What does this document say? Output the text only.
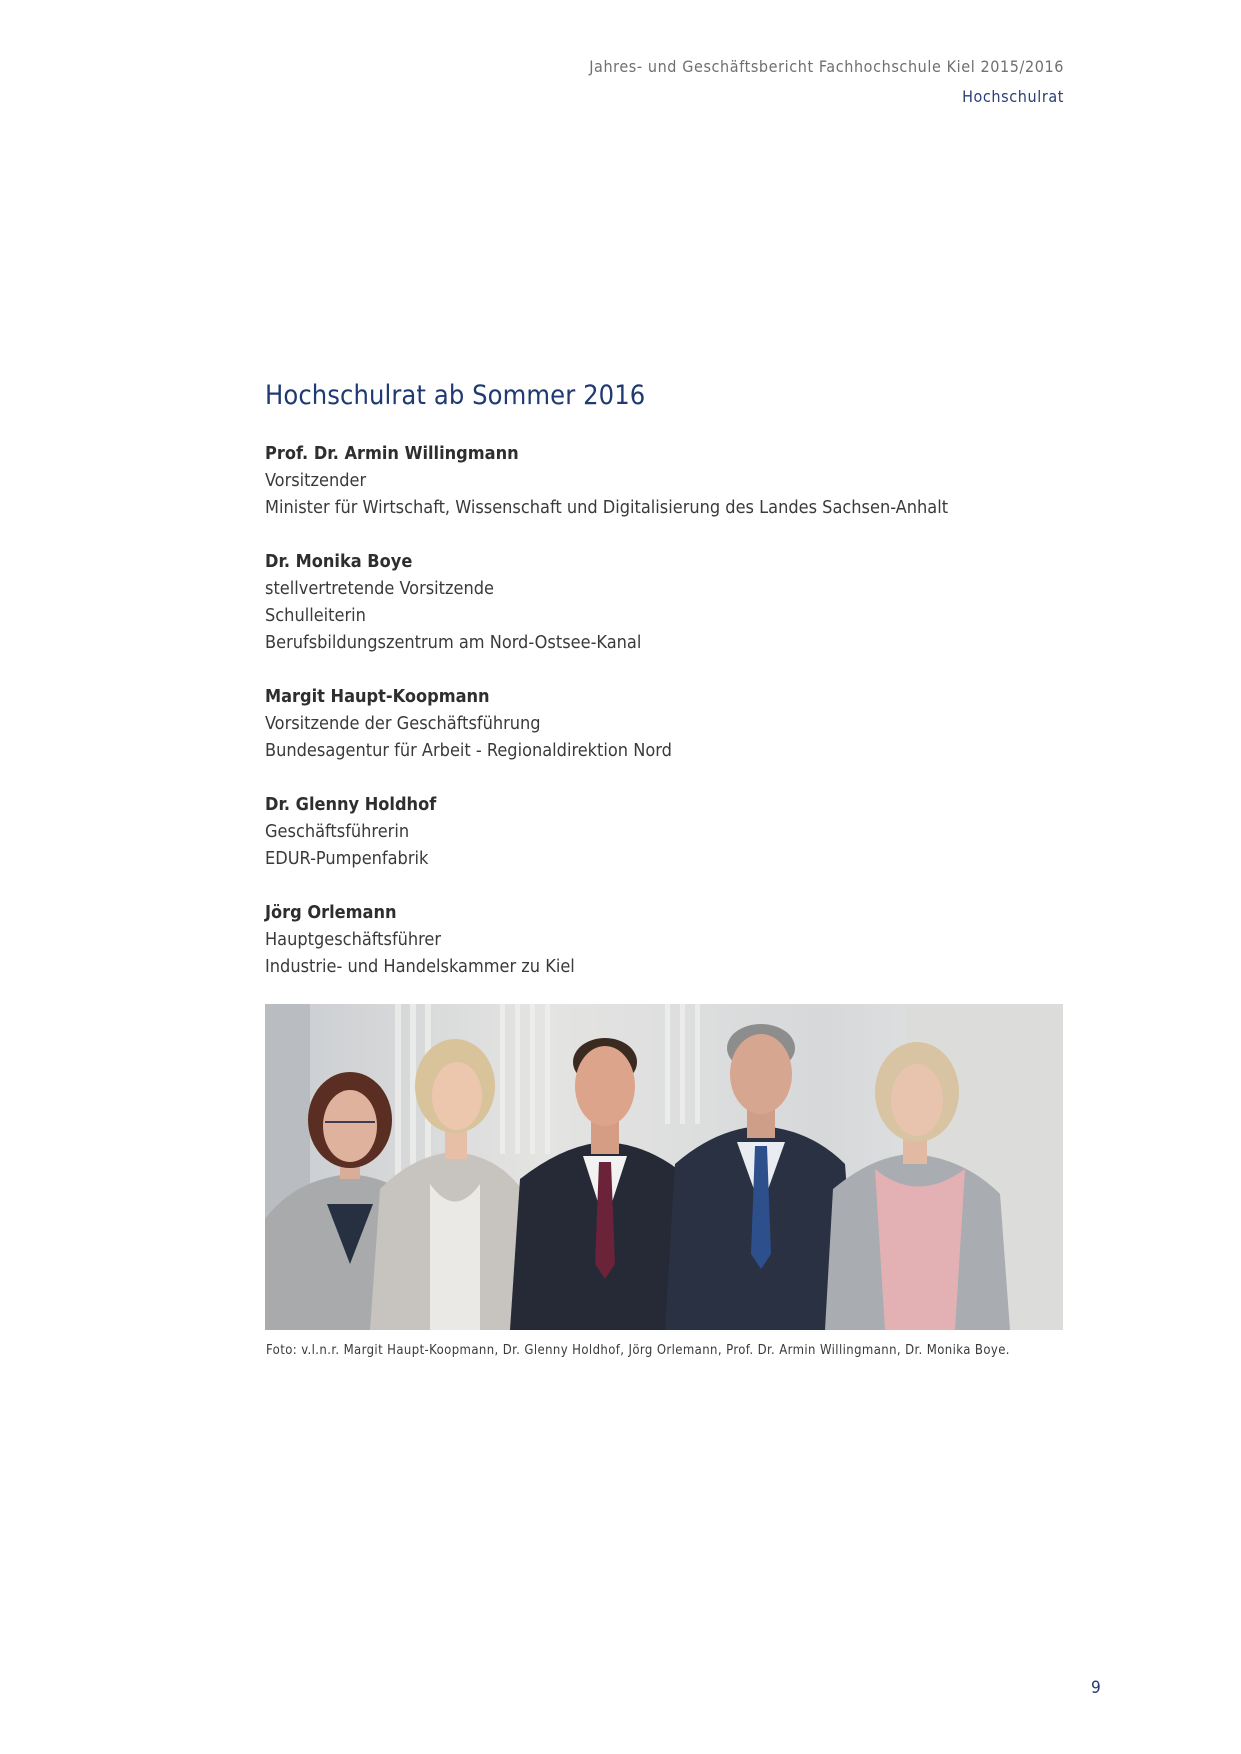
Jahres- und Geschäftsbericht Fachhochschule Kiel 2015/2016
Hochschulrat
Hochschulrat ab Sommer 2016
Prof. Dr. Armin Willingmann
Vorsitzender
Minister für Wirtschaft, Wissenschaft und Digitalisierung des Landes Sachsen-Anhalt
Dr. Monika Boye
stellvertretende Vorsitzende
Schulleiterin
Berufsbildungszentrum am Nord-Ostsee-Kanal
Margit Haupt-Koopmann
Vorsitzende der Geschäftsführung
Bundesagentur für Arbeit - Regionaldirektion Nord
Dr. Glenny Holdhof
Geschäftsführerin
EDUR-Pumpenfabrik
Jörg Orlemann
Hauptgeschäftsführer
Industrie- und Handelskammer zu Kiel
Foto: v.l.n.r. Margit Haupt-Koopmann, Dr. Glenny Holdhof, Jörg Orlemann, Prof. Dr. Armin Willingmann, Dr. Monika Boye.
9
